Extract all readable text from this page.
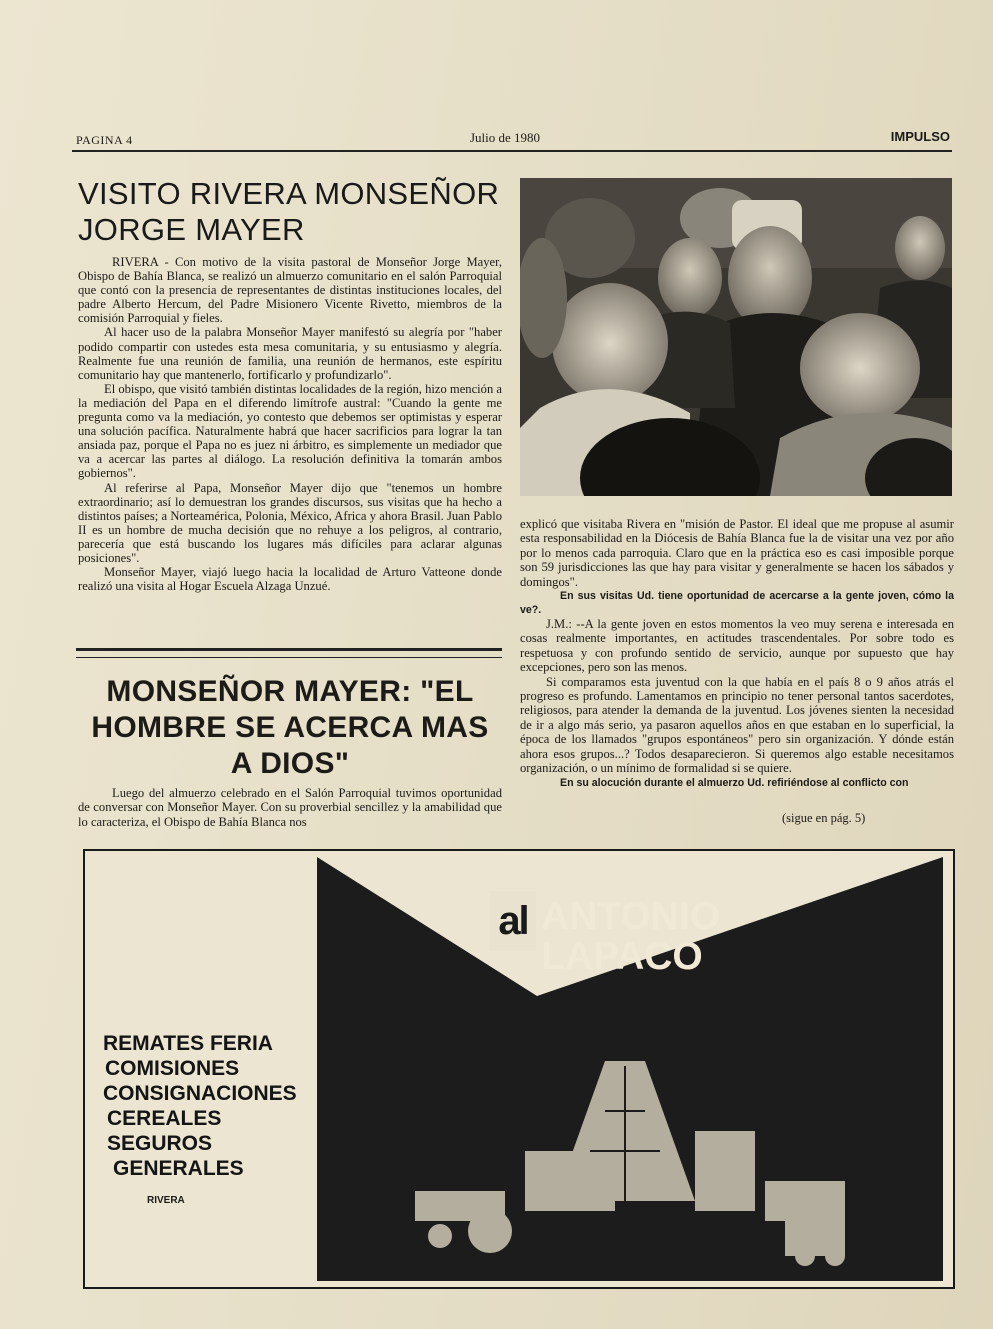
PAGINA 4	Julio de 1980	IMPULSO
VISITO RIVERA MONSEÑOR JORGE MAYER

RIVERA - Con motivo de la visita pastoral de Monseñor Jorge Mayer, Obispo de Bahía Blanca, se realizó un almuerzo comunitario en el salón Parroquial que contó con la presencia de representantes de distintas instituciones locales, del padre Alberto Hercum, del Padre Misionero Vicente Rivetto, miembros de la comisión Parroquial y fieles.

Al hacer uso de la palabra Monseñor Mayer manifestó su alegría por "haber podido compartir con ustedes esta mesa comunitaria, y su entusiasmo y alegría. Realmente fue una reunión de familia, una reunión de hermanos, este espíritu comunitario hay que mantenerlo, fortificarlo y profundizarlo".

El obispo, que visitó también distintas localidades de la región, hizo mención a la mediación del Papa en el diferendo limítrofe austral: "Cuando la gente me pregunta como va la mediación, yo contesto que debemos ser optimistas y esperar una solución pacífica. Naturalmente habrá que hacer sacrificios para lograr la tan ansiada paz, porque el Papa no es juez ni árbitro, es simplemente un mediador que va a acercar las partes al diálogo. La resolución definitiva la tomarán ambos gobiernos".

Al referirse al Papa, Monseñor Mayer dijo que "tenemos un hombre extraordinario; así lo demuestran los grandes discursos, sus visitas que ha hecho a distintos países; a Norteamérica, Polonia, México, Africa y ahora Brasil. Juan Pablo II es un hombre de mucha decisión que no rehuye a los peligros, al contrario, parecería que está buscando los lugares más difíciles para aclarar algunas posiciones".

Monseñor Mayer, viajó luego hacia la localidad de Arturo Vatteone donde realizó una visita al Hogar Escuela Alzaga Unzué.

MONSEÑOR MAYER: "EL HOMBRE SE ACERCA MAS A DIOS"

Luego del almuerzo celebrado en el Salón Parroquial tuvimos oportunidad de conversar con Monseñor Mayer. Con su proverbial sencillez y la amabilidad que lo caracteriza, el Obispo de Bahía Blanca nos

explicó que visitaba Rivera en "misión de Pastor. El ideal que me propuse al asumir esta responsabilidad en la Diócesis de Bahía Blanca fue la de visitar una vez por año por lo menos cada parroquia. Claro que en la práctica eso es casi imposible porque son 59 jurisdicciones las que hay para visitar y generalmente se hacen los sábados y domingos".

En sus visitas Ud. tiene oportunidad de acercarse a la gente joven, cómo la ve?.

J.M.: --A la gente joven en estos momentos la veo muy serena e interesada en cosas realmente importantes, en actitudes trascendentales. Por sobre todo es respetuosa y con profundo sentido de servicio, aunque por supuesto que hay excepciones, pero son las menos.

Si comparamos esta juventud con la que había en el país 8 o 9 años atrás el progreso es profundo. Lamentamos en principio no tener personal tantos sacerdotes, religiosos, para atender la demanda de la juventud. Los jóvenes sienten la necesidad de ir a algo más serio, ya pasaron aquellos años en que estaban en lo superficial, la época de los llamados "grupos espontáneos" pero sin organización. Y dónde están ahora esos grupos...? Todos desaparecieron. Si queremos algo estable necesitamos organización, o un mínimo de formalidad si se quiere.

En su alocución durante el almuerzo Ud. refiriéndose al conflicto con

(sigue en pág. 5)
al ANTONIO
LAPACO
REMATES FERIA
COMISIONES
CONSIGNACIONES
CEREALES
SEGUROS
GENERALES
RIVERA
